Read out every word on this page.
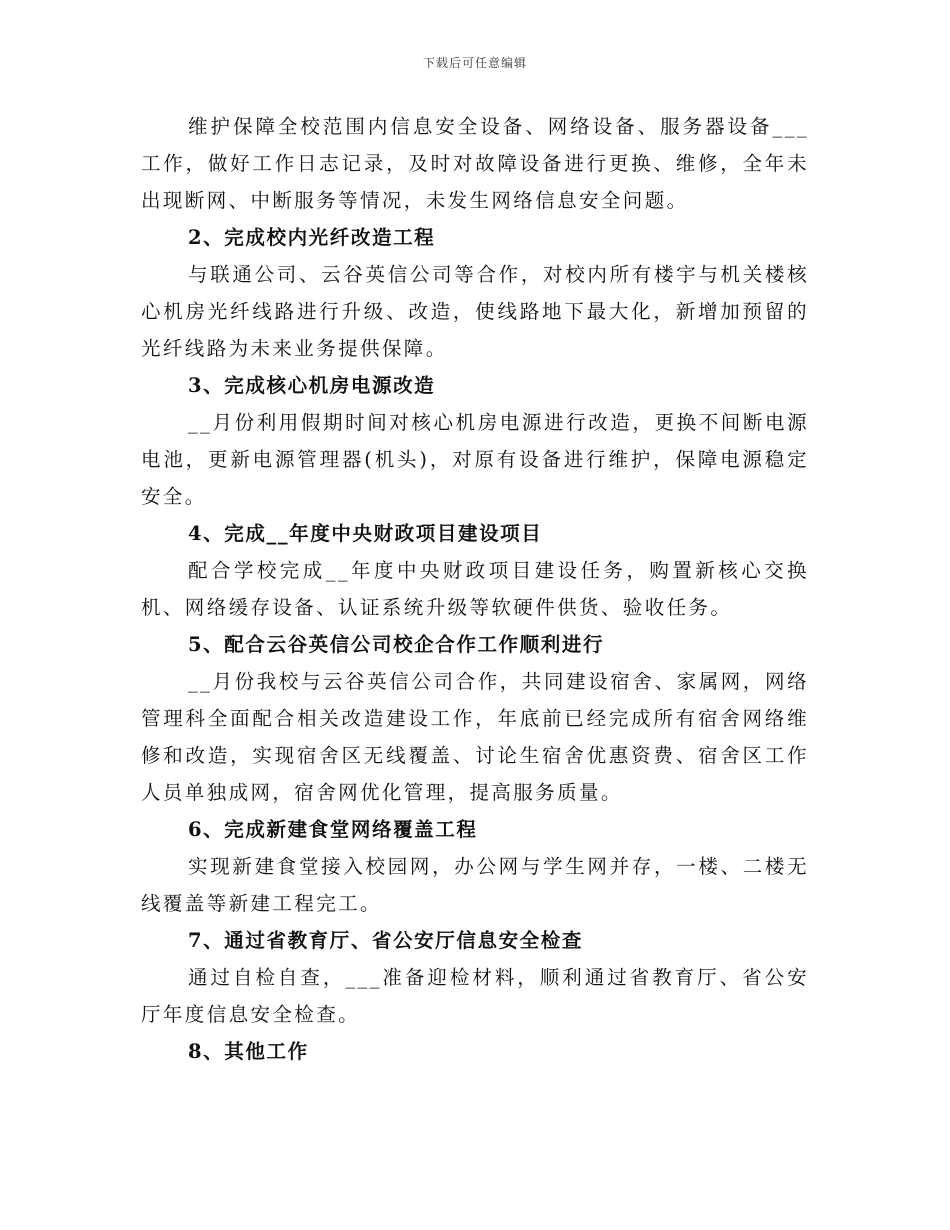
下载后可任意编辑

维护保障全校范围内信息安全设备、网络设备、服务器设备___工作，做好工作日志记录，及时对故障设备进行更换、维修，全年未出现断网、中断服务等情况，未发生网络信息安全问题。

2、完成校内光纤改造工程

与联通公司、云谷英信公司等合作，对校内所有楼宇与机关楼核心机房光纤线路进行升级、改造，使线路地下最大化，新增加预留的光纤线路为未来业务提供保障。

3、完成核心机房电源改造

__月份利用假期时间对核心机房电源进行改造，更换不间断电源电池，更新电源管理器(机头)，对原有设备进行维护，保障电源稳定安全。

4、完成__年度中央财政项目建设项目

配合学校完成__年度中央财政项目建设任务，购置新核心交换机、网络缓存设备、认证系统升级等软硬件供货、验收任务。

5、配合云谷英信公司校企合作工作顺利进行

__月份我校与云谷英信公司合作，共同建设宿舍、家属网，网络管理科全面配合相关改造建设工作，年底前已经完成所有宿舍网络维修和改造，实现宿舍区无线覆盖、讨论生宿舍优惠资费、宿舍区工作人员单独成网，宿舍网优化管理，提高服务质量。

6、完成新建食堂网络覆盖工程

实现新建食堂接入校园网，办公网与学生网并存，一楼、二楼无线覆盖等新建工程完工。

7、通过省教育厅、省公安厅信息安全检查

通过自检自查，___准备迎检材料，顺利通过省教育厅、省公安厅年度信息安全检查。

8、其他工作
